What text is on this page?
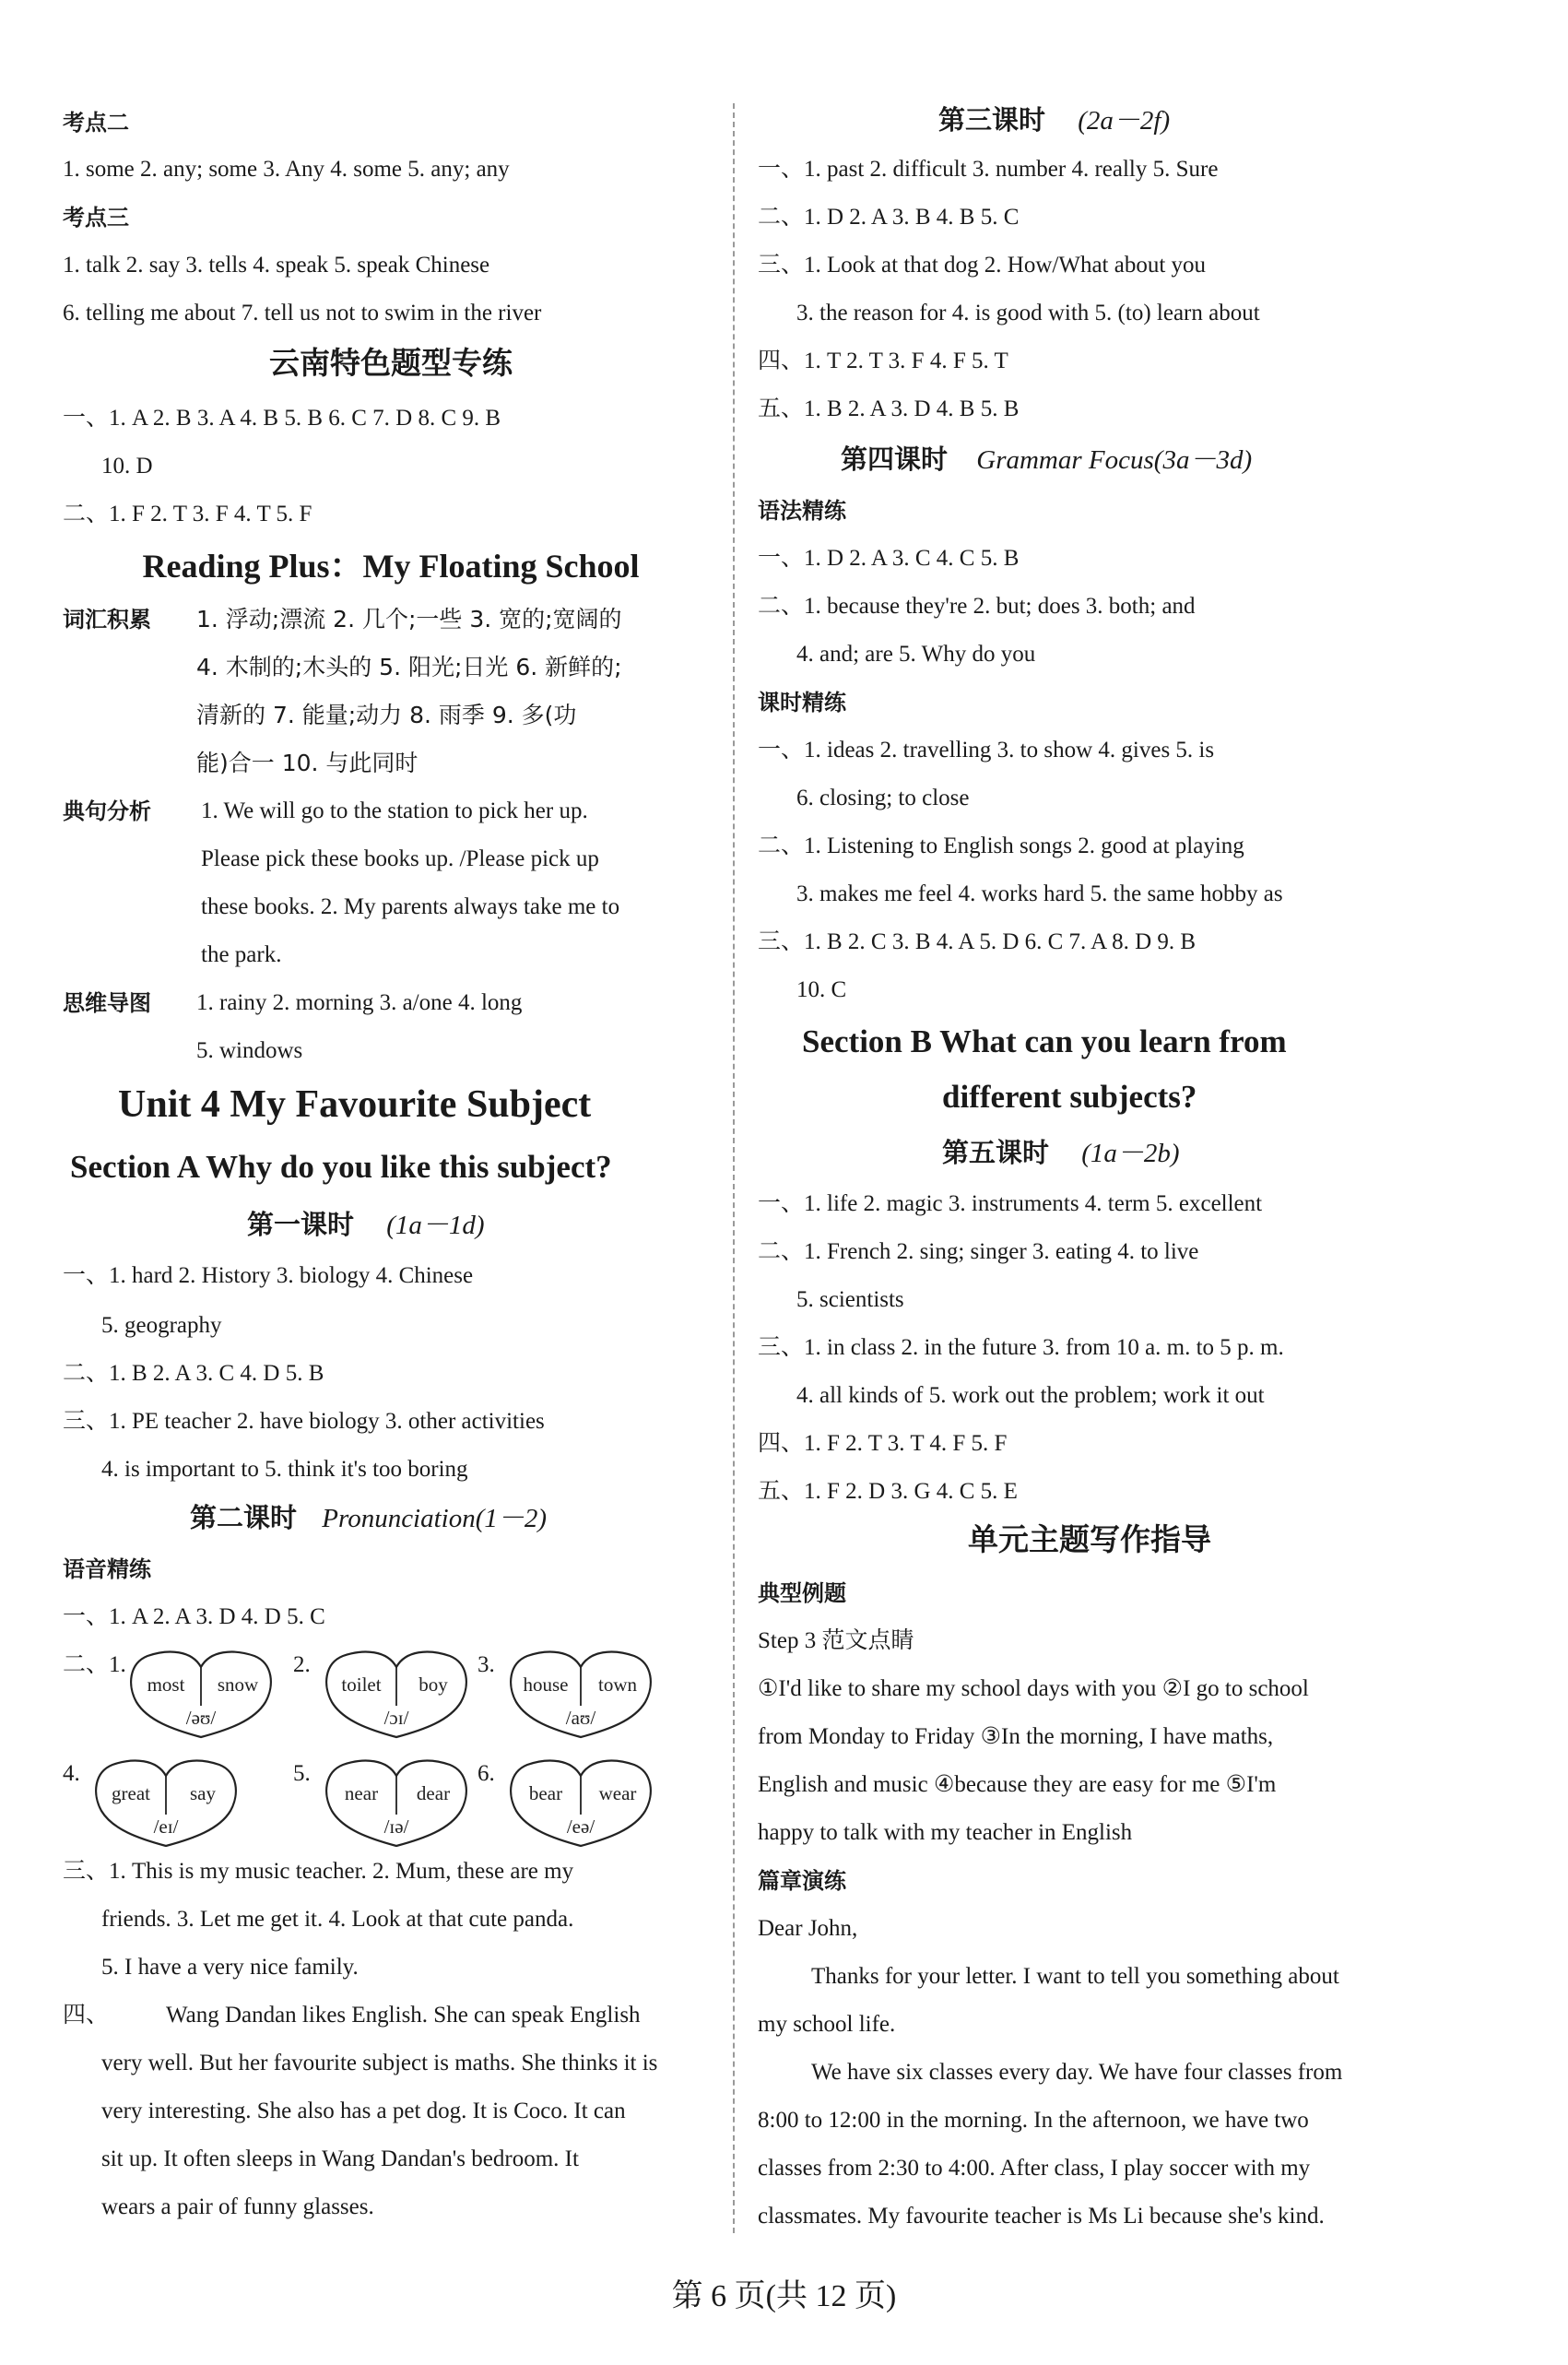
考点二
1. some 2. any; some 3. Any 4. some 5. any; any
考点三
1. talk 2. say 3. tells 4. speak 5. speak Chinese
6. telling me about 7. tell us not to swim in the river
云南特色题型专练
一、1. A 2. B 3. A 4. B 5. B 6. C 7. D 8. C 9. B
10. D
二、1. F 2. T 3. F 4. T 5. F
Reading Plus：My Floating School
词汇积累 1. 浮动;漂流 2. 几个;一些 3. 宽的;宽阔的
4. 木制的;木头的 5. 阳光;日光 6. 新鲜的;
清新的 7. 能量;动力 8. 雨季 9. 多(功
能)合一 10. 与此同时
典句分析 1. We will go to the station to pick her up.
Please pick these books up. /Please pick up
these books. 2. My parents always take me to
the park.
思维导图 1. rainy 2. morning 3. a/one 4. long
5. windows
Unit 4 My Favourite Subject
Section A Why do you like this subject?
第一课时 (1a－1d)
一、1. hard 2. History 3. biology 4. Chinese
5. geography
二、1. B 2. A 3. C 4. D 5. B
三、1. PE teacher 2. have biology 3. other activities
4. is important to 5. think it's too boring
第二课时 Pronunciation(1－2)
语音精练
一、1. A 2. A 3. D 4. D 5. C
二、1.
most snow
/əʊ/
2.
toilet boy
/ɔɪ/
3.
house town
/aʊ/
4.
great say
/eɪ/
5.
near dear
/ɪə/
6.
bear wear
/eə/
三、1. This is my music teacher. 2. Mum, these are my
friends. 3. Let me get it. 4. Look at that cute panda.
5. I have a very nice family.
四、 Wang Dandan likes English. She can speak English
very well. But her favourite subject is maths. She thinks it is
very interesting. She also has a pet dog. It is Coco. It can
sit up. It often sleeps in Wang Dandan's bedroom. It
wears a pair of funny glasses.
第三课时 (2a－2f)
一、1. past 2. difficult 3. number 4. really 5. Sure
二、1. D 2. A 3. B 4. B 5. C
三、1. Look at that dog 2. How/What about you
3. the reason for 4. is good with 5. (to) learn about
四、1. T 2. T 3. F 4. F 5. T
五、1. B 2. A 3. D 4. B 5. B
第四课时 Grammar Focus(3a－3d)
语法精练
一、1. D 2. A 3. C 4. C 5. B
二、1. because they're 2. but; does 3. both; and
4. and; are 5. Why do you
课时精练
一、1. ideas 2. travelling 3. to show 4. gives 5. is
6. closing; to close
二、1. Listening to English songs 2. good at playing
3. makes me feel 4. works hard 5. the same hobby as
三、1. B 2. C 3. B 4. A 5. D 6. C 7. A 8. D 9. B
10. C
Section B What can you learn from
different subjects?
第五课时 (1a－2b)
一、1. life 2. magic 3. instruments 4. term 5. excellent
二、1. French 2. sing; singer 3. eating 4. to live
5. scientists
三、1. in class 2. in the future 3. from 10 a. m. to 5 p. m.
4. all kinds of 5. work out the problem; work it out
四、1. F 2. T 3. T 4. F 5. F
五、1. F 2. D 3. G 4. C 5. E
单元主题写作指导
典型例题
Step 3 范文点睛
①I'd like to share my school days with you ②I go to school
from Monday to Friday ③In the morning, I have maths,
English and music ④because they are easy for me ⑤I'm
happy to talk with my teacher in English
篇章演练
Dear John,
Thanks for your letter. I want to tell you something about
my school life.
We have six classes every day. We have four classes from
8:00 to 12:00 in the morning. In the afternoon, we have two
classes from 2:30 to 4:00. After class, I play soccer with my
classmates. My favourite teacher is Ms Li because she's kind.
第 6 页(共 12 页)
